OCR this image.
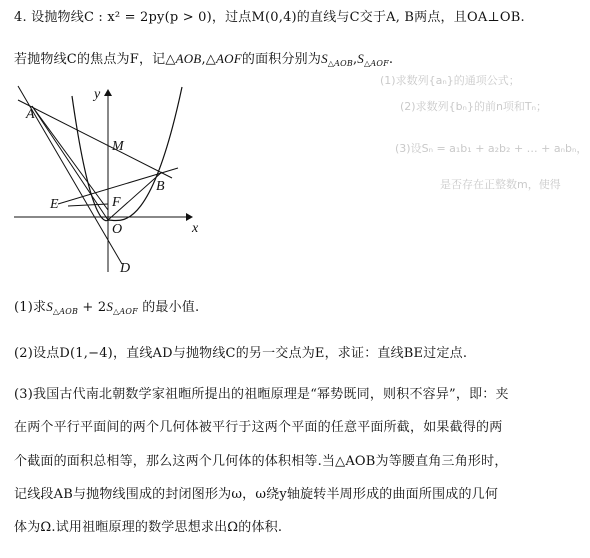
(1)求数列{aₙ}的通项公式；
(2)求数列{bₙ}的前n项和Tₙ；
(3)设Sₙ = a₁b₁ + a₂b₂ + … + aₙbₙ，
是否存在正整数m，使得
4. 设抛物线C : x² = 2py(p > 0)，过点M(0,4)的直线与C交于A, B两点，且OA⊥OB.
若抛物线C的焦点为F，记△AOB,△AOF的面积分别为$S_{\triangle AOB},S_{\triangle AOF}$.
A
M
B
F
E
O
D
x
y
(1)求$S_{\triangle AOB} + 2S_{\triangle AOF}$ 的最小值.
(2)设点D(1,−4)，直线AD与抛物线C的另一交点为E，求证：直线BE过定点.
(3)我国古代南北朝数学家祖暅所提出的祖暅原理是“幂势既同，则积不容异”，即：夹
在两个平行平面间的两个几何体被平行于这两个平面的任意平面所截，如果截得的两
个截面的面积总相等，那么这两个几何体的体积相等.当△AOB为等腰直角三角形时，
记线段AB与抛物线围成的封闭图形为ω，ω绕y轴旋转半周形成的曲面所围成的几何
体为Ω.试用祖暅原理的数学思想求出Ω的体积.
